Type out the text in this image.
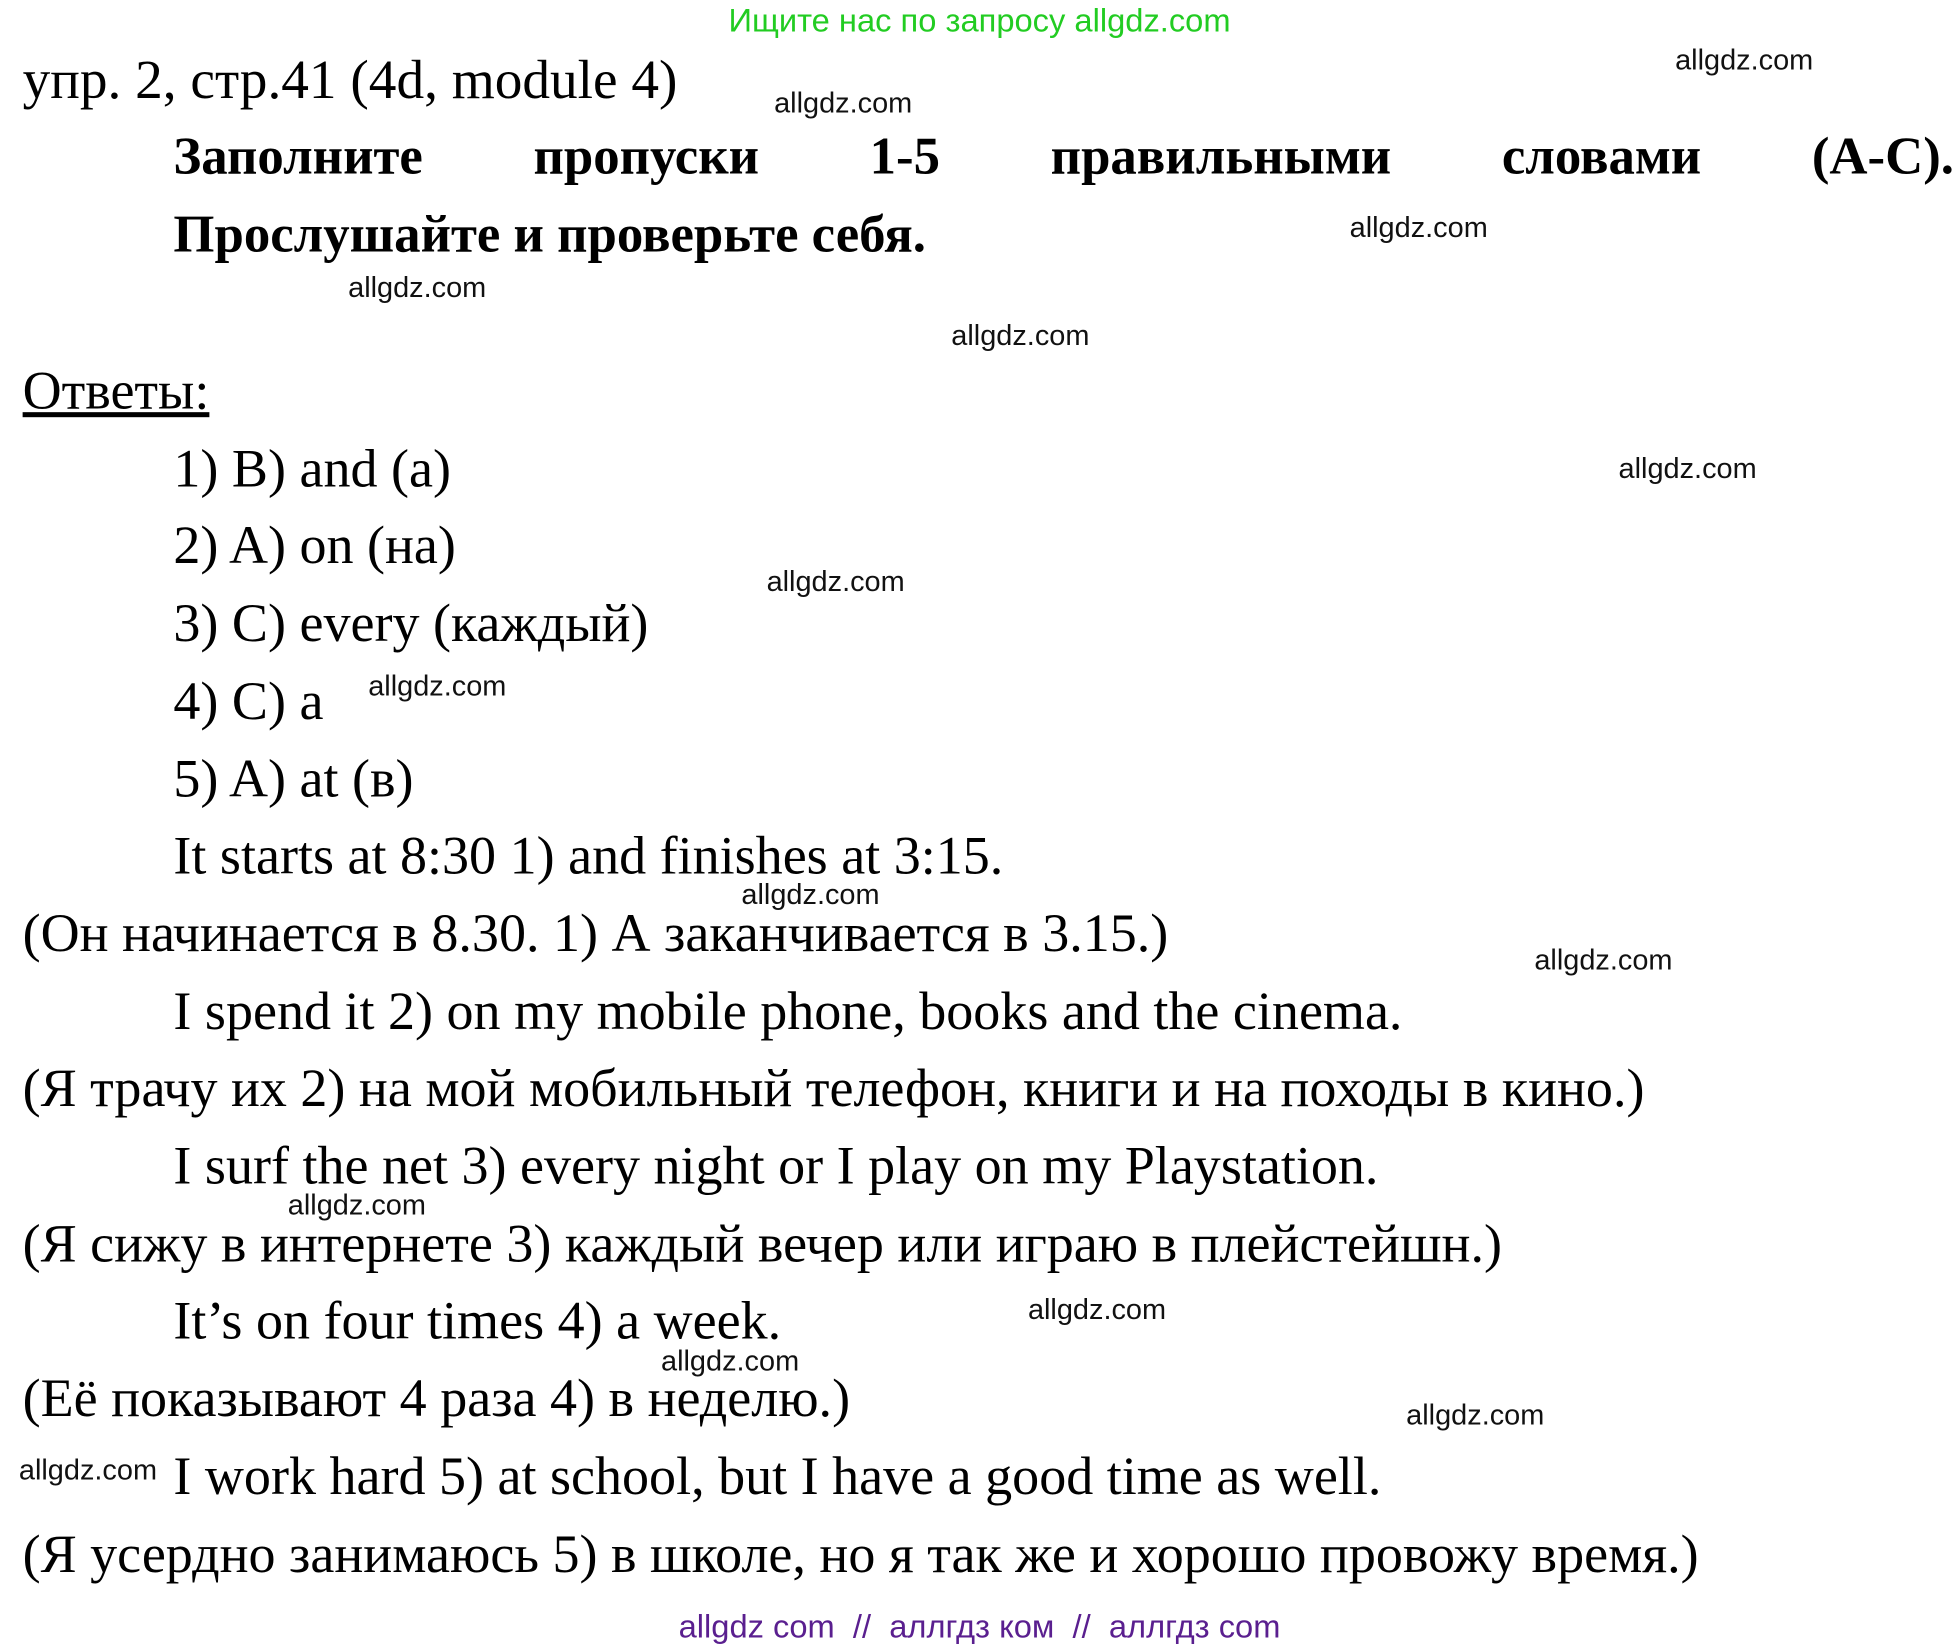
Ищите нас по запросу allgdz.com
упр. 2, стр.41 (4d, module 4)
Заполните	пропуски	1-5	правильными	словами	(А-С).
Прослушайте и проверьте себя.
Ответы:
1) B) and (а)
2) A) on (на)
3) C) every (каждый)
4) C) a
5) A) at (в)
It starts at 8:30 1) and finishes at 3:15.
(Он начинается в 8.30. 1) А заканчивается в 3.15.)
I spend it 2) on my mobile phone, books and the cinema.
(Я трачу их 2) на мой мобильный телефон, книги и на походы в кино.)
I surf the net 3) every night or I play on my Playstation.
(Я сижу в интернете 3) каждый вечер или играю в плейстейшн.)
It’s on four times 4) a week.
(Её показывают 4 раза 4) в неделю.)
I work hard 5) at school, but I have a good time as well.
(Я усердно занимаюсь 5) в школе, но я так же и хорошо провожу время.)
allgdz.com
allgdz.com
allgdz.com
allgdz.com
allgdz.com
allgdz.com
allgdz.com
allgdz.com
allgdz.com
allgdz.com
allgdz.com
allgdz.com
allgdz.com
allgdz.com
allgdz.com
allgdz com  //  аллгдз ком  //  аллгдз com
